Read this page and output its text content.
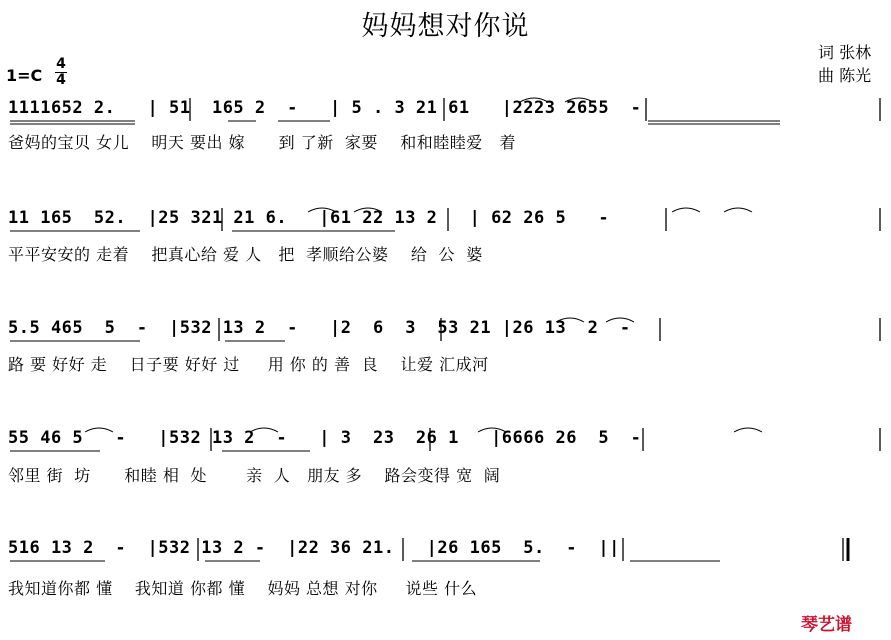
妈妈想对你说
词 张林
曲 陈光
1=C
4
4
1111652 2.   | 51  165 2  -   | 5 . 3 21 61   |2223 2655  -
爸妈的宝贝 女儿    明天 要出 嫁      到 了新  家要    和和睦睦爱   着
11 165  52.  |25 321 21 6.   |61 22 13 2   | 62 26 5   -
平平安安的 走着    把真心给 爱 人   把  孝顺给公婆    给  公  婆
5.5 465  5  -  |532 13 2  -   |2  6  3  53 21 |26 13  2  -
路 要 好好 走    日子要 好好 过     用 你 的 善  良    让爱 汇成河
55 46 5   -   |532 13 2  -   | 3  23  26 1   |6666 26  5  -
邻里 街  坊      和睦 相  处       亲  人   朋友 多    路会变得 宽  阔
516 13 2  -  |532 13 2 -  |22 36 21.   |26 165  5.  -  ||
我知道你都 懂    我知道 你都 懂    妈妈 总想 对你     说些 什么
琴艺谱
